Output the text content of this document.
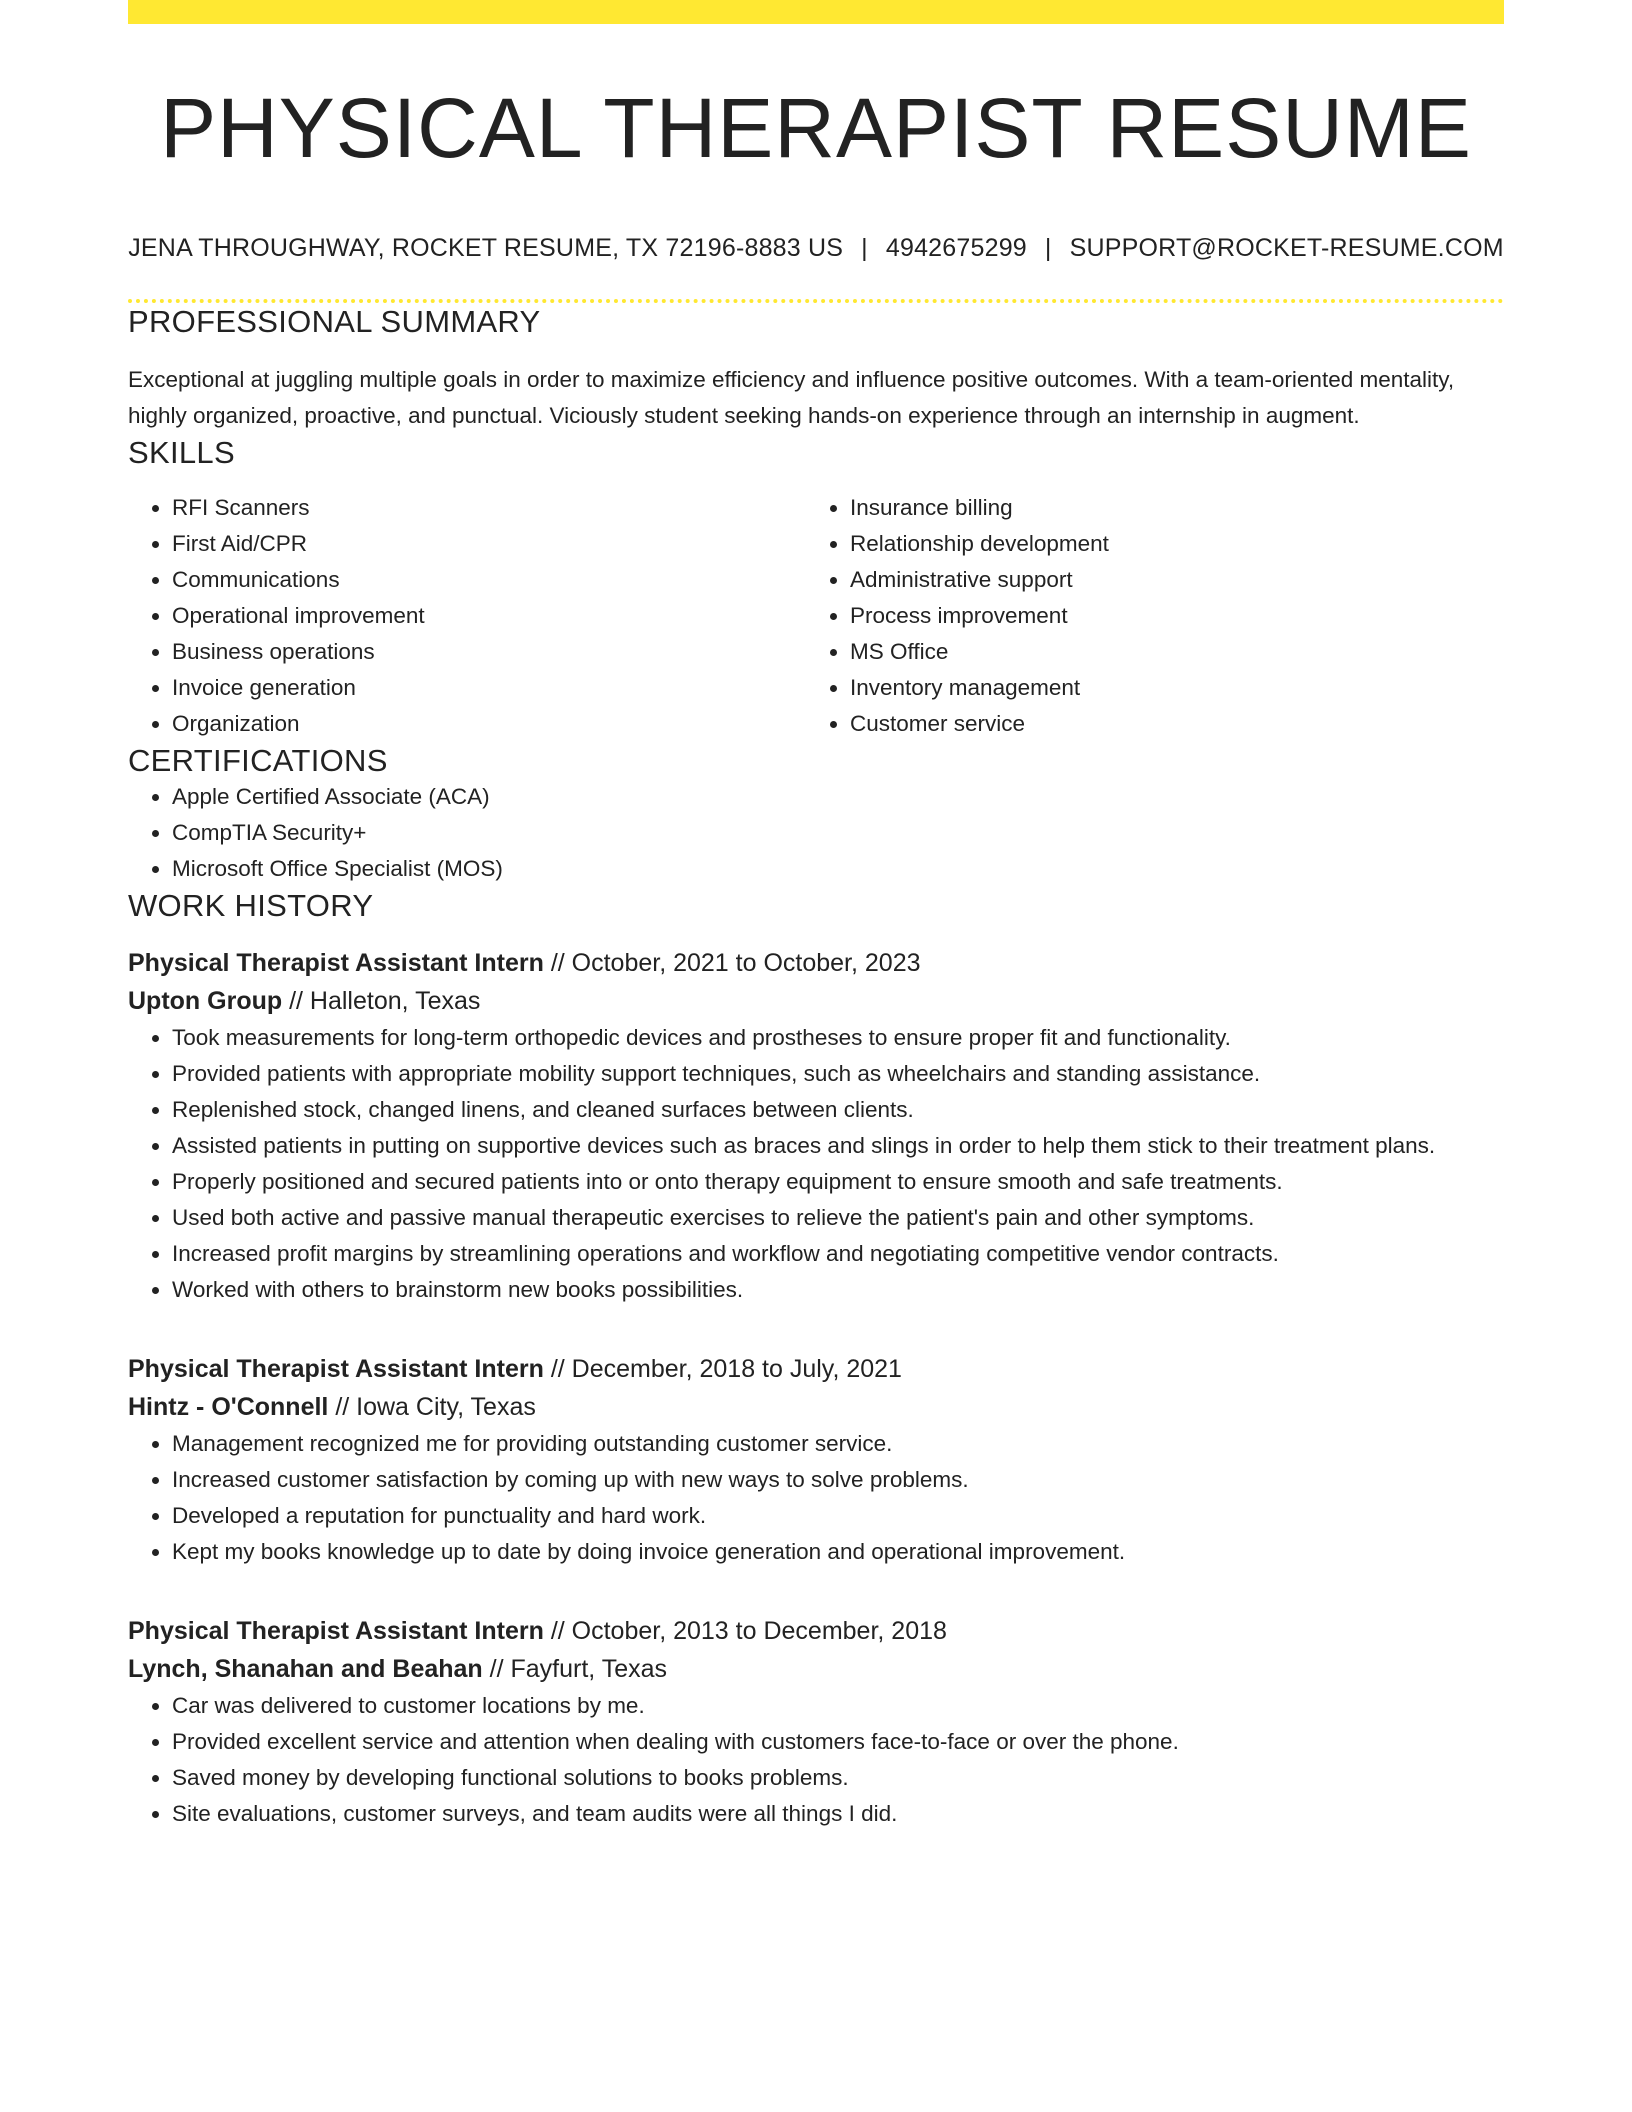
PHYSICAL THERAPIST RESUME
JENA THROUGHWAY, ROCKET RESUME, TX 72196-8883 US | 4942675299 | SUPPORT@ROCKET-RESUME.COM
PROFESSIONAL SUMMARY

Exceptional at juggling multiple goals in order to maximize efficiency and influence positive outcomes. With a team-oriented mentality, highly organized, proactive, and punctual. Viciously student seeking hands-on experience through an internship in augment.

SKILLS
• RFI Scanners
• First Aid/CPR
• Communications
• Operational improvement
• Business operations
• Invoice generation
• Organization
• Insurance billing
• Relationship development
• Administrative support
• Process improvement
• MS Office
• Inventory management
• Customer service
CERTIFICATIONS
• Apple Certified Associate (ACA)
• CompTIA Security+
• Microsoft Office Specialist (MOS)
WORK HISTORY
Physical Therapist Assistant Intern // October, 2021 to October, 2023
Upton Group // Halleton, Texas
• Took measurements for long-term orthopedic devices and prostheses to ensure proper fit and functionality.
• Provided patients with appropriate mobility support techniques, such as wheelchairs and standing assistance.
• Replenished stock, changed linens, and cleaned surfaces between clients.
• Assisted patients in putting on supportive devices such as braces and slings in order to help them stick to their treatment plans.
• Properly positioned and secured patients into or onto therapy equipment to ensure smooth and safe treatments.
• Used both active and passive manual therapeutic exercises to relieve the patient's pain and other symptoms.
• Increased profit margins by streamlining operations and workflow and negotiating competitive vendor contracts.
• Worked with others to brainstorm new books possibilities.
Physical Therapist Assistant Intern // December, 2018 to July, 2021
Hintz - O'Connell // Iowa City, Texas
• Management recognized me for providing outstanding customer service.
• Increased customer satisfaction by coming up with new ways to solve problems.
• Developed a reputation for punctuality and hard work.
• Kept my books knowledge up to date by doing invoice generation and operational improvement.
Physical Therapist Assistant Intern // October, 2013 to December, 2018
Lynch, Shanahan and Beahan // Fayfurt, Texas
• Car was delivered to customer locations by me.
• Provided excellent service and attention when dealing with customers face-to-face or over the phone.
• Saved money by developing functional solutions to books problems.
• Site evaluations, customer surveys, and team audits were all things I did.
